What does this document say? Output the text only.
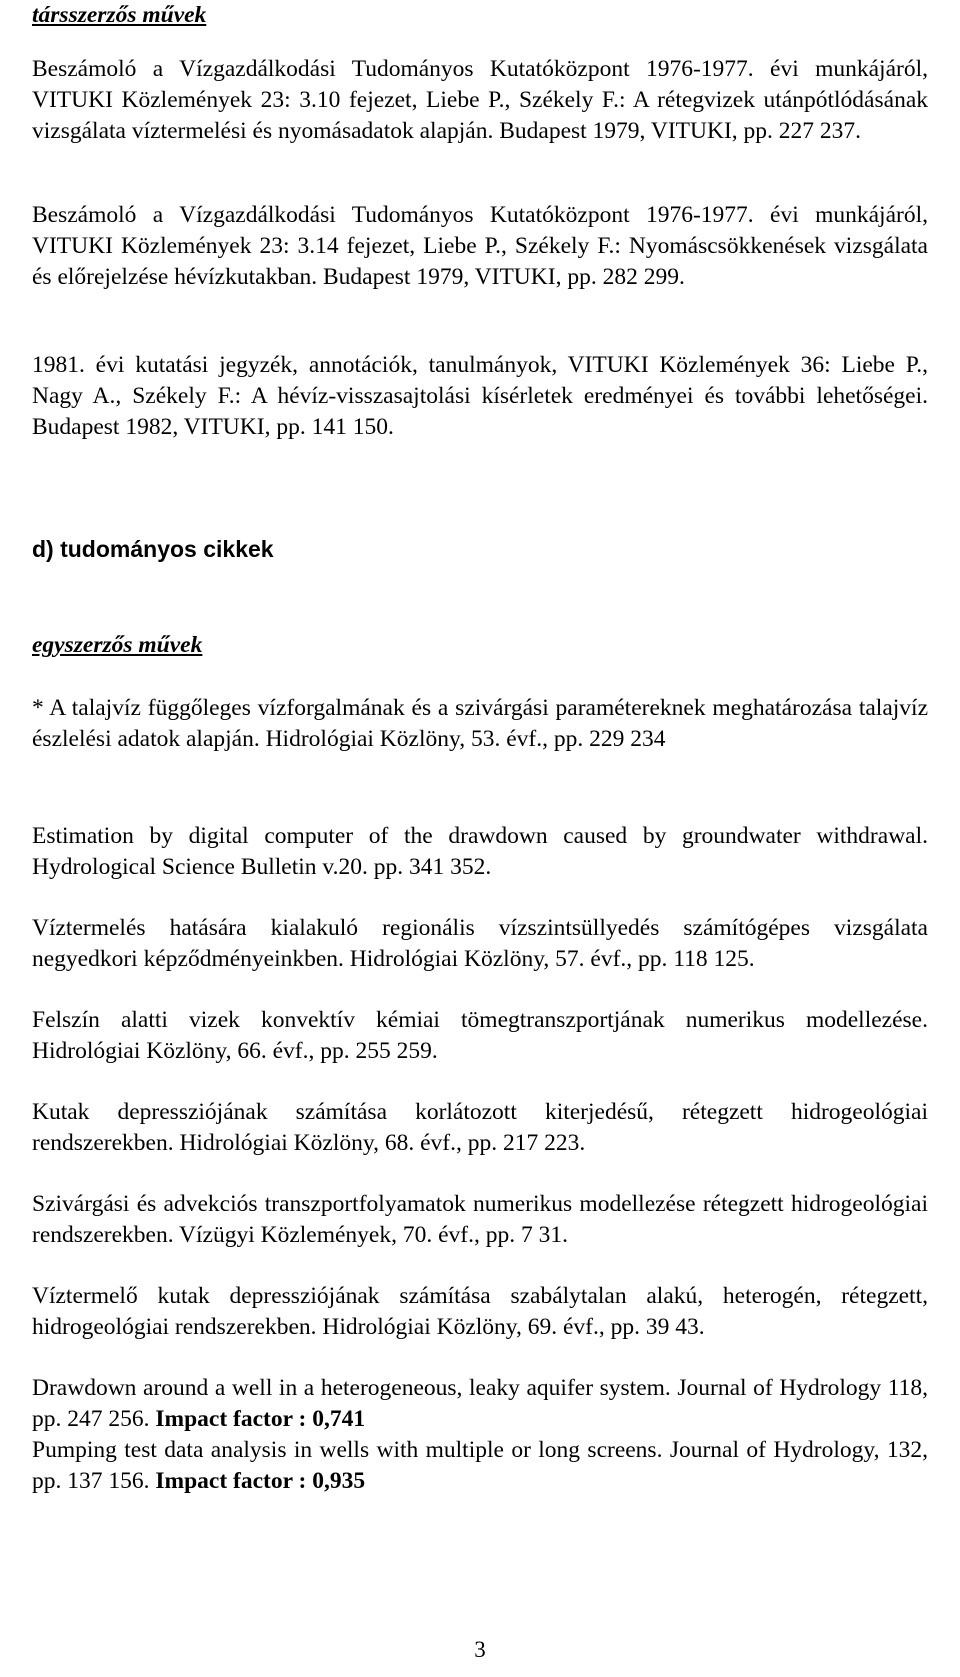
társszerzős művek

Beszámoló a Vízgazdálkodási Tudományos Kutatóközpont 1976-1977. évi munkájáról, VITUKI Közlemények 23: 3.10 fejezet, Liebe P., Székely F.: A rétegvizek utánpótlódásának vizsgálata víztermelési és nyomásadatok alapján. Budapest 1979, VITUKI, pp. 227 237.

Beszámoló a Vízgazdálkodási Tudományos Kutatóközpont 1976-1977. évi munkájáról, VITUKI Közlemények 23: 3.14 fejezet, Liebe P., Székely F.: Nyomáscsökkenések vizsgálata és előrejelzése hévízkutakban. Budapest 1979, VITUKI, pp. 282 299.

1981. évi kutatási jegyzék, annotációk, tanulmányok, VITUKI Közlemények 36: Liebe P., Nagy A., Székely F.: A hévíz-visszasajtolási kísérletek eredményei és további lehetőségei. Budapest 1982, VITUKI, pp. 141 150.

d) tudományos cikkek

egyszerzős művek

* A talajvíz függőleges vízforgalmának és a szivárgási paramétereknek meghatározása talajvíz észlelési adatok alapján. Hidrológiai Közlöny, 53. évf., pp. 229 234

Estimation by digital computer of the drawdown caused by groundwater withdrawal. Hydrological Science Bulletin v.20. pp. 341 352.

Víztermelés hatására kialakuló regionális vízszintsüllyedés számítógépes vizsgálata negyedkori képződményeinkben. Hidrológiai Közlöny, 57. évf., pp. 118 125.

Felszín alatti vizek konvektív kémiai tömegtranszportjának numerikus modellezése. Hidrológiai Közlöny, 66. évf., pp. 255 259.

Kutak depressziójának számítása korlátozott kiterjedésű, rétegzett hidrogeológiai rendszerekben. Hidrológiai Közlöny, 68. évf., pp. 217 223.

Szivárgási és advekciós transzportfolyamatok numerikus modellezése rétegzett hidrogeológiai rendszerekben. Vízügyi Közlemények, 70. évf., pp. 7 31.

Víztermelő kutak depressziójának számítása szabálytalan alakú, heterogén, rétegzett, hidrogeológiai rendszerekben. Hidrológiai Közlöny, 69. évf., pp. 39 43.

Drawdown around a well in a heterogeneous, leaky aquifer system. Journal of Hydrology 118, pp. 247 256. Impact factor : 0,741

Pumping test data analysis in wells with multiple or long screens. Journal of Hydrology, 132, pp. 137 156. Impact factor : 0,935

3
